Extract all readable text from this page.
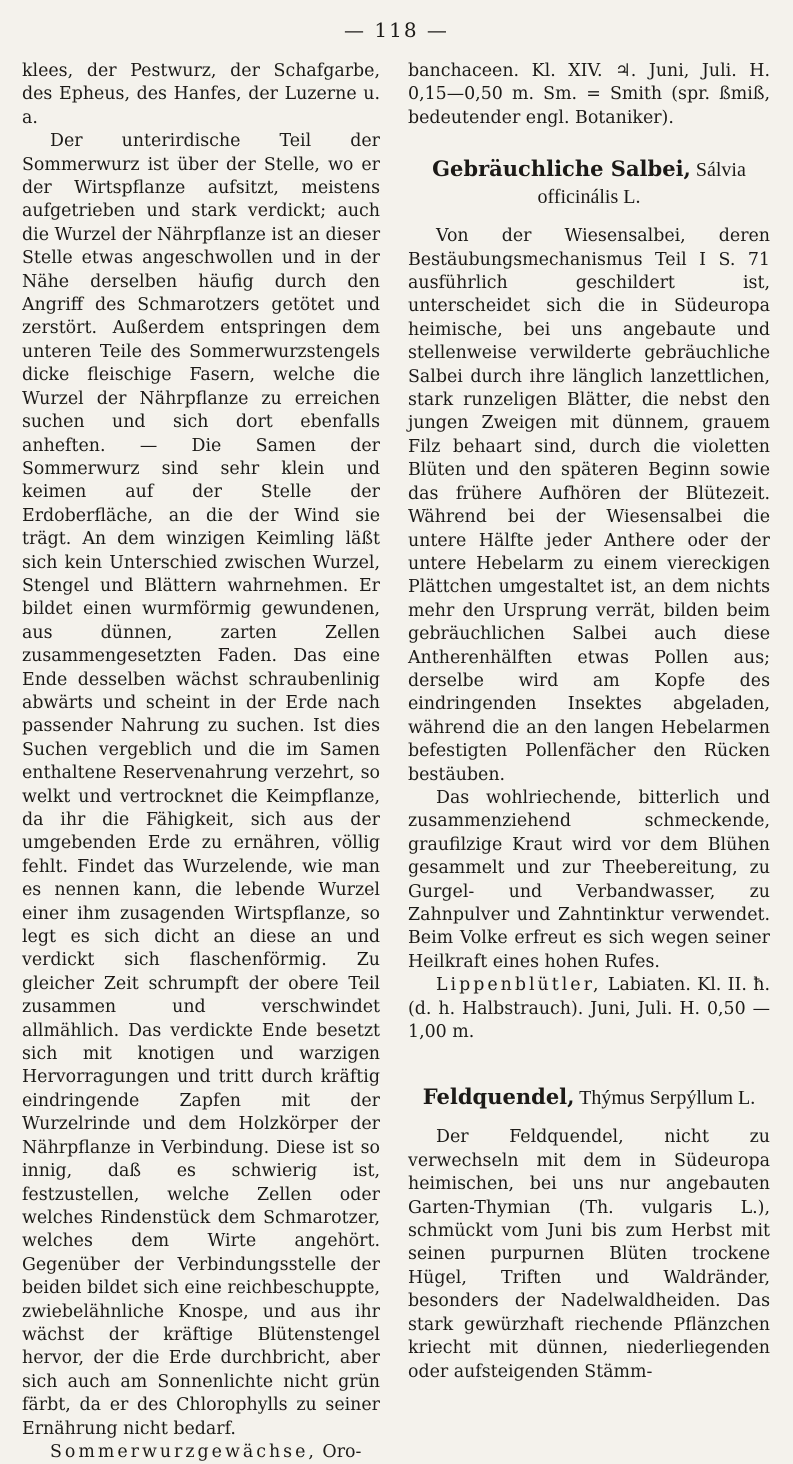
— 118 —

klees, der Pestwurz, der Schafgarbe, des Epheus, des Hanfes, der Luzerne u. a.

Der unterirdische Teil der Sommerwurz ist über der Stelle, wo er der Wirtspflanze aufsitzt, meistens aufgetrieben und stark verdickt; auch die Wurzel der Nährpflanze ist an dieser Stelle etwas angeschwollen und in der Nähe derselben häufig durch den Angriff des Schmarotzers getötet und zerstört. Außerdem entspringen dem unteren Teile des Sommerwurzstengels dicke fleischige Fasern, welche die Wurzel der Nährpflanze zu erreichen suchen und sich dort ebenfalls anheften. — Die Samen der Sommerwurz sind sehr klein und keimen auf der Stelle der Erdoberfläche, an die der Wind sie trägt. An dem winzigen Keimling läßt sich kein Unterschied zwischen Wurzel, Stengel und Blättern wahrnehmen. Er bildet einen wurmförmig gewundenen, aus dünnen, zarten Zellen zusammengesetzten Faden. Das eine Ende desselben wächst schraubenlinig abwärts und scheint in der Erde nach passender Nahrung zu suchen. Ist dies Suchen vergeblich und die im Samen enthaltene Reservenahrung verzehrt, so welkt und vertrocknet die Keimpflanze, da ihr die Fähigkeit, sich aus der umgebenden Erde zu ernähren, völlig fehlt. Findet das Wurzelende, wie man es nennen kann, die lebende Wurzel einer ihm zusagenden Wirtspflanze, so legt es sich dicht an diese an und verdickt sich flaschenförmig. Zu gleicher Zeit schrumpft der obere Teil zusammen und verschwindet allmählich. Das verdickte Ende besetzt sich mit knotigen und warzigen Hervorragungen und tritt durch kräftig eindringende Zapfen mit der Wurzelrinde und dem Holzkörper der Nährpflanze in Verbindung. Diese ist so innig, daß es schwierig ist, festzustellen, welche Zellen oder welches Rindenstück dem Schmarotzer, welches dem Wirte angehört. Gegenüber der Verbindungsstelle der beiden bildet sich eine reichbeschuppte, zwiebelähnliche Knospe, und aus ihr wächst der kräftige Blütenstengel hervor, der die Erde durchbricht, aber sich auch am Sonnenlichte nicht grün färbt, da er des Chlorophylls zu seiner Ernährung nicht bedarf.

Sommerwurzgewächse, Oro-

banchaceen. Kl. XIV. ♃. Juni, Juli. H. 0,15—0,50 m. Sm. = Smith (spr. ßmiß, bedeutender engl. Botaniker).

Gebräuchliche Salbei, Sálvia officinális L.

Von der Wiesensalbei, deren Bestäubungsmechanismus Teil I S. 71 ausführlich geschildert ist, unterscheidet sich die in Südeuropa heimische, bei uns angebaute und stellenweise verwilderte gebräuchliche Salbei durch ihre länglich lanzettlichen, stark runzeligen Blätter, die nebst den jungen Zweigen mit dünnem, grauem Filz behaart sind, durch die violetten Blüten und den späteren Beginn sowie das frühere Aufhören der Blütezeit. Während bei der Wiesensalbei die untere Hälfte jeder Anthere oder der untere Hebelarm zu einem viereckigen Plättchen umgestaltet ist, an dem nichts mehr den Ursprung verrät, bilden beim gebräuchlichen Salbei auch diese Antherenhälften etwas Pollen aus; derselbe wird am Kopfe des eindringenden Insektes abgeladen, während die an den langen Hebelarmen befestigten Pollenfächer den Rücken bestäuben.

Das wohlriechende, bitterlich und zusammenziehend schmeckende, graufilzige Kraut wird vor dem Blühen gesammelt und zur Theebereitung, zu Gurgel- und Verbandwasser, zu Zahnpulver und Zahntinktur verwendet. Beim Volke erfreut es sich wegen seiner Heilkraft eines hohen Rufes.

Lippenblütler, Labiaten. Kl. II. ħ. (d. h. Halbstrauch). Juni, Juli. H. 0,50 — 1,00 m.

Feldquendel, Thýmus Serpýllum L.

Der Feldquendel, nicht zu verwechseln mit dem in Südeuropa heimischen, bei uns nur angebauten Garten-Thymian (Th. vulgaris L.), schmückt vom Juni bis zum Herbst mit seinen purpurnen Blüten trockene Hügel, Triften und Waldränder, besonders der Nadelwaldheiden. Das stark gewürzhaft riechende Pflänzchen kriecht mit dünnen, niederliegenden oder aufsteigenden Stämm-
